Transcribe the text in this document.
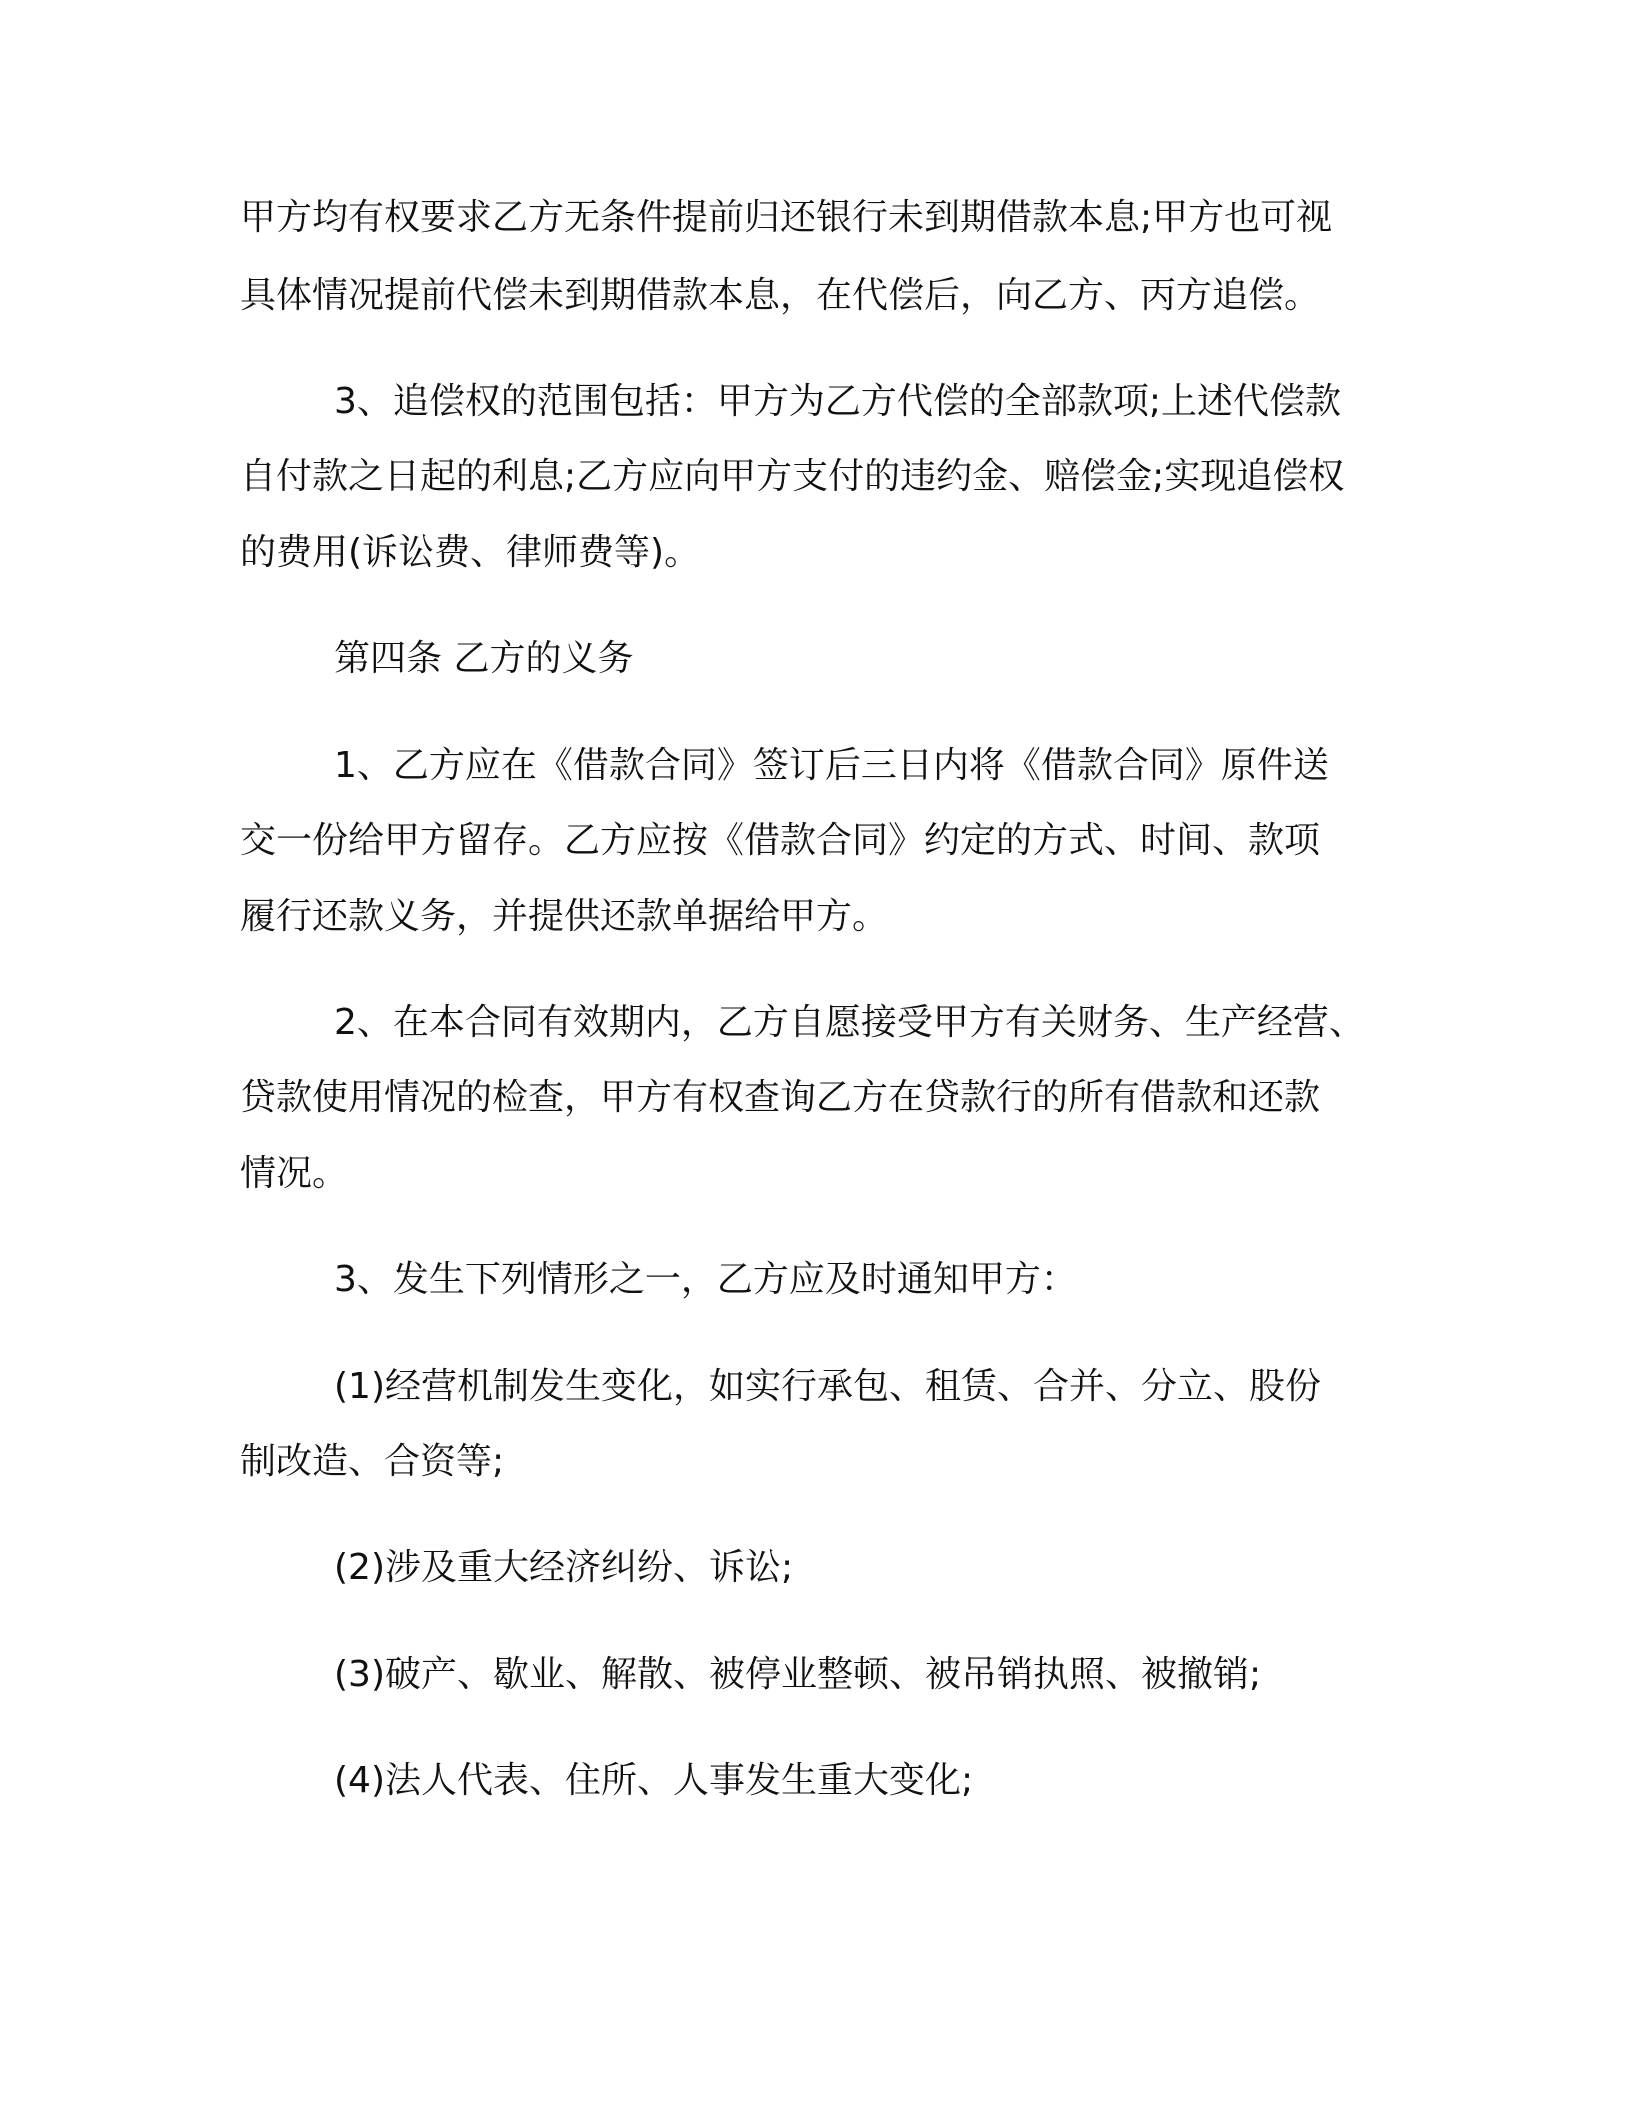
甲方均有权要求乙方无条件提前归还银行未到期借款本息;甲方也可视

具体情况提前代偿未到期借款本息，在代偿后，向乙方、丙方追偿。

3、追偿权的范围包括：甲方为乙方代偿的全部款项;上述代偿款

自付款之日起的利息;乙方应向甲方支付的违约金、赔偿金;实现追偿权

的费用(诉讼费、律师费等)。

第四条 乙方的义务

1、乙方应在《借款合同》签订后三日内将《借款合同》原件送

交一份给甲方留存。乙方应按《借款合同》约定的方式、时间、款项

履行还款义务，并提供还款单据给甲方。

2、在本合同有效期内，乙方自愿接受甲方有关财务、生产经营、

贷款使用情况的检查，甲方有权查询乙方在贷款行的所有借款和还款

情况。

3、发生下列情形之一，乙方应及时通知甲方：

(1)经营机制发生变化，如实行承包、租赁、合并、分立、股份

制改造、合资等;

(2)涉及重大经济纠纷、诉讼;

(3)破产、歇业、解散、被停业整顿、被吊销执照、被撤销;

(4)法人代表、住所、人事发生重大变化;
